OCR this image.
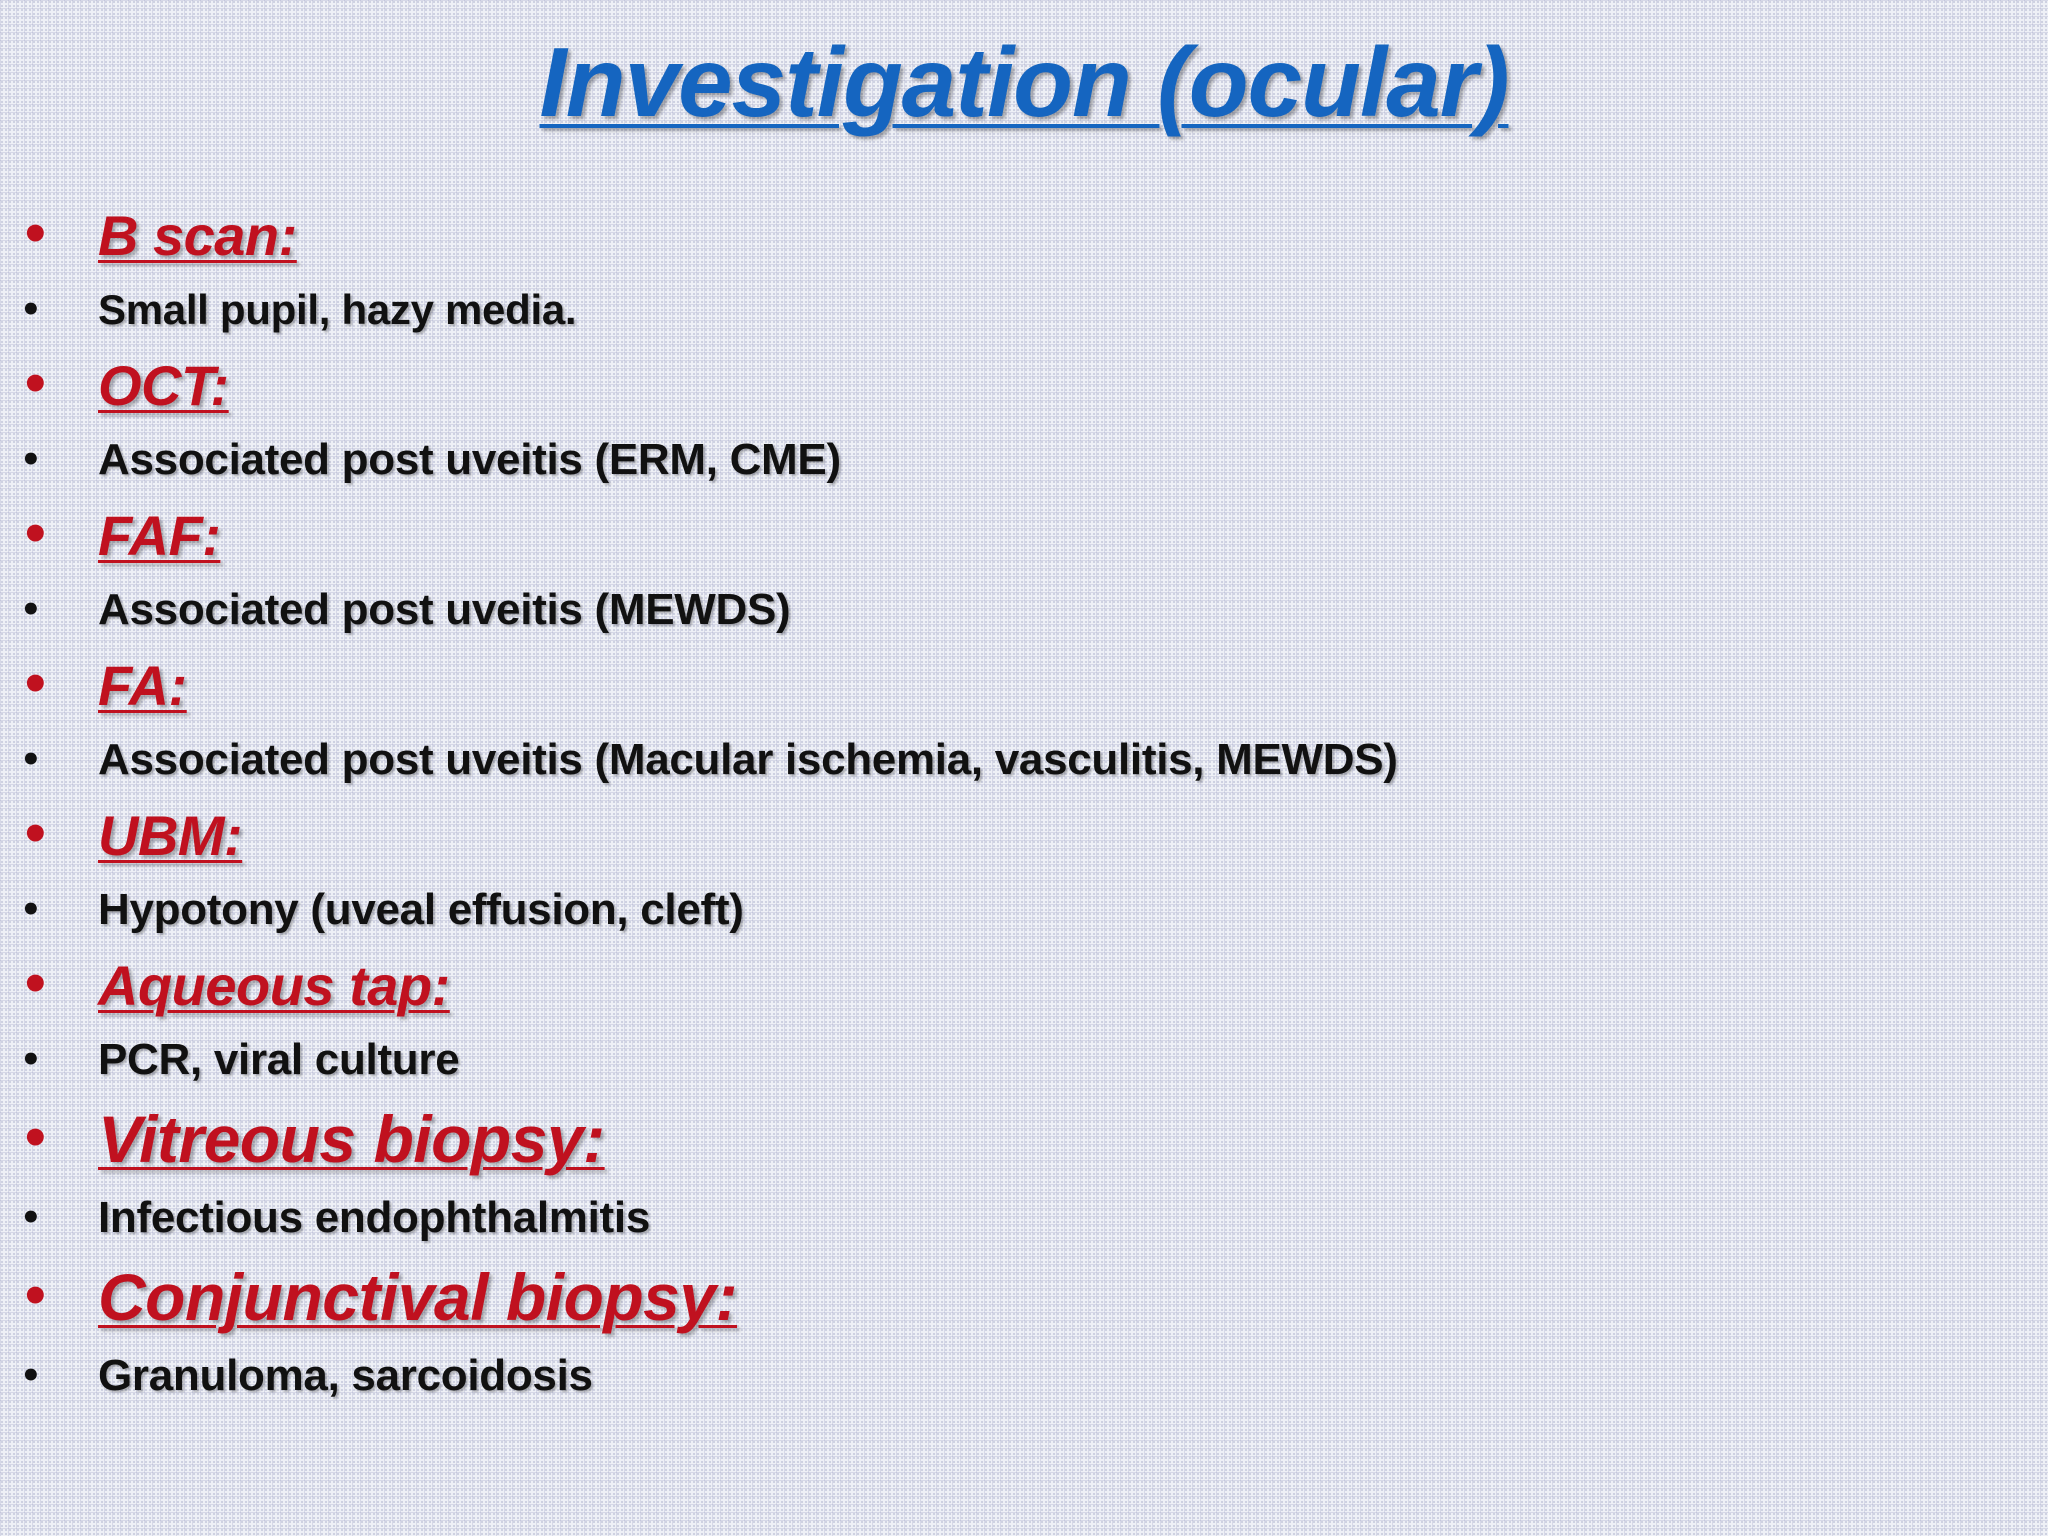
Investigation (ocular)
• B scan:
• Small pupil, hazy media.
• OCT:
• Associated post uveitis (ERM, CME)
• FAF:
• Associated post uveitis (MEWDS)
• FA:
• Associated post uveitis (Macular ischemia, vasculitis, MEWDS)
• UBM:
• Hypotony (uveal effusion, cleft)
• Aqueous tap:
• PCR, viral culture
• Vitreous biopsy:
• Infectious endophthalmitis
• Conjunctival biopsy:
• Granuloma, sarcoidosis
